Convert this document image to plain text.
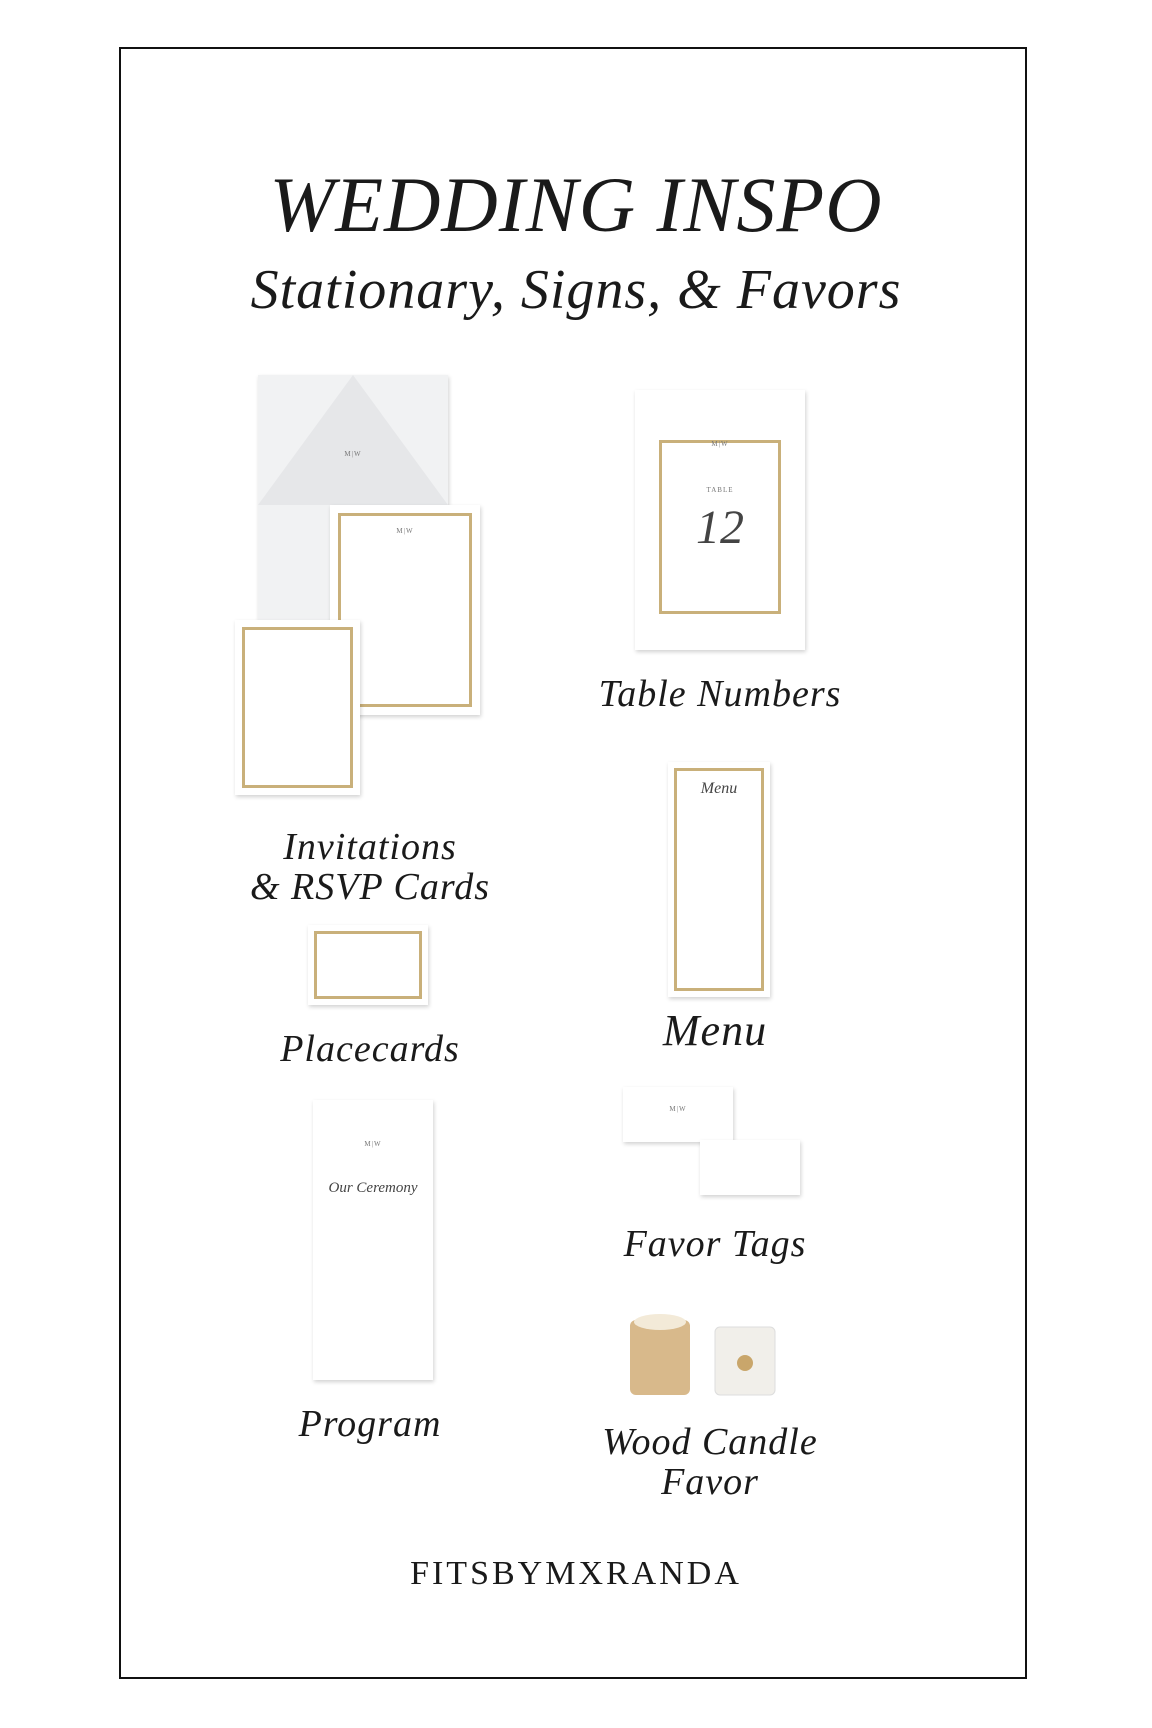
WEDDING INSPO
Stationary, Signs, & Favors
M|W
M|W
Invitations
& RSVP Cards
M|W
TABLE
12
Table Numbers
Placecards
Menu
Menu
M|W
Our Ceremony
Program
M|W
Favor Tags
Wood Candle
Favor
FITSBYMXRANDA
